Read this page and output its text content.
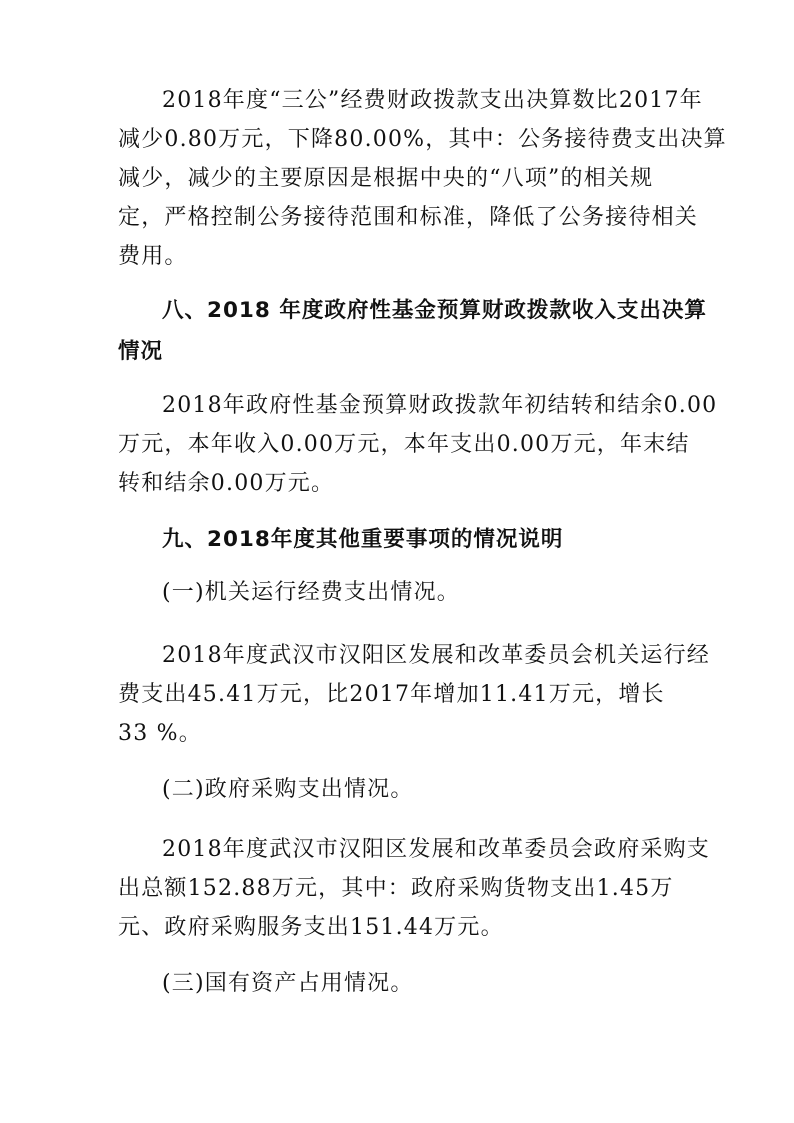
2018年度“三公”经费财政拨款支出决算数比2017年

减少0.80万元，下降80.00%，其中：公务接待费支出决算

减少，减少的主要原因是根据中央的“八项”的相关规

定，严格控制公务接待范围和标准，降低了公务接待相关

费用。

八、2018 年度政府性基金预算财政拨款收入支出决算

情况

2018年政府性基金预算财政拨款年初结转和结余0.00

万元，本年收入0.00万元，本年支出0.00万元，年末结

转和结余0.00万元。

九、2018年度其他重要事项的情况说明

(一)机关运行经费支出情况。

2018年度武汉市汉阳区发展和改革委员会机关运行经

费支出45.41万元，比2017年增加11.41万元，增长

33 %。

(二)政府采购支出情况。

2018年度武汉市汉阳区发展和改革委员会政府采购支

出总额152.88万元，其中：政府采购货物支出1.45万

元、政府采购服务支出151.44万元。

(三)国有资产占用情况。
